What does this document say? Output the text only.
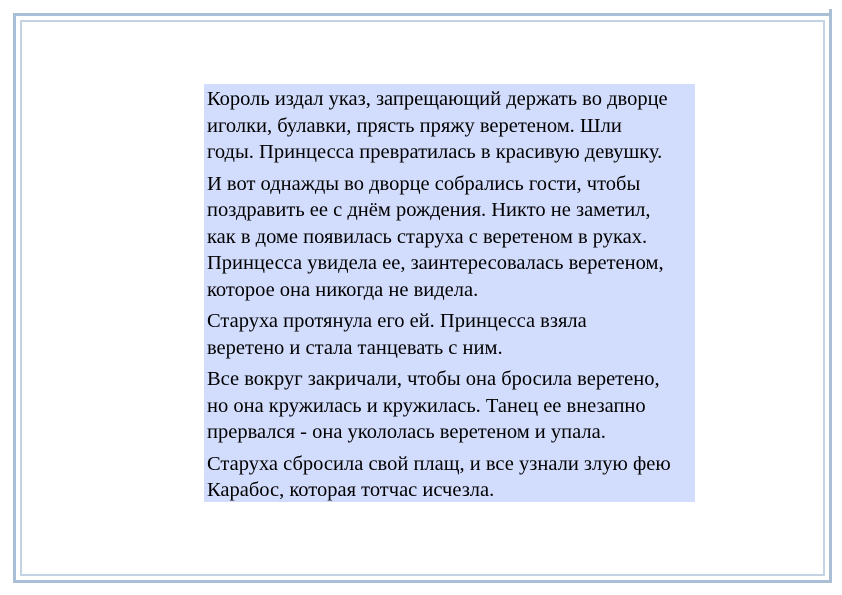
Король издал указ, запрещающий держать во дворце
иголки, булавки, прясть пряжу веретеном. Шли
годы. Принцесса превратилась в красивую девушку.

И вот однажды во дворце собрались гости, чтобы
поздравить ее с днём рождения. Никто не заметил,
как в доме появилась старуха с веретеном в руках.
Принцесса увидела ее, заинтересовалась веретеном,
которое она никогда не видела.

Старуха протянула его ей. Принцесса взяла
веретено и стала танцевать с ним.

Все вокруг закричали, чтобы она бросила веретено,
но она кружилась и кружилась. Танец ее внезапно
прервался - она укололась веретеном и упала.

Старуха сбросила свой плащ, и все узнали злую фею
Карабос, которая тотчас исчезла.
